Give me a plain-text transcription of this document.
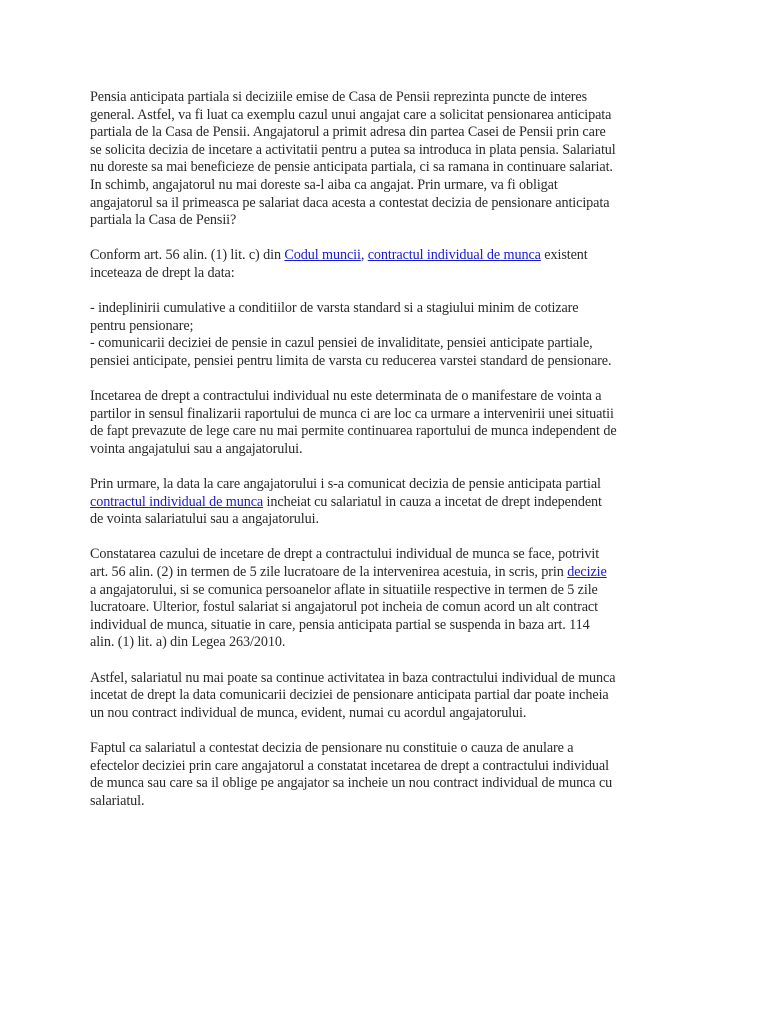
Pensia anticipata partiala si deciziile emise de Casa de Pensii reprezinta puncte de interes
general. Astfel, va fi luat ca exemplu cazul unui angajat care a solicitat pensionarea anticipata
partiala de la Casa de Pensii. Angajatorul a primit adresa din partea Casei de Pensii prin care
se solicita decizia de incetare a activitatii pentru a putea sa introduca in plata pensia. Salariatul
nu doreste sa mai beneficieze de pensie anticipata partiala, ci sa ramana in continuare salariat.
In schimb, angajatorul nu mai doreste sa-l aiba ca angajat. Prin urmare, va fi obligat
angajatorul sa il primeasca pe salariat daca acesta a contestat decizia de pensionare anticipata
partiala la Casa de Pensii?

Conform art. 56 alin. (1) lit. c) din Codul muncii, contractul individual de munca existent
inceteaza de drept la data:

- indeplinirii cumulative a conditiilor de varsta standard si a stagiului minim de cotizare
pentru pensionare;
- comunicarii deciziei de pensie in cazul pensiei de invaliditate, pensiei anticipate partiale,
pensiei anticipate, pensiei pentru limita de varsta cu reducerea varstei standard de pensionare.

Incetarea de drept a contractului individual nu este determinata de o manifestare de vointa a
partilor in sensul finalizarii raportului de munca ci are loc ca urmare a intervenirii unei situatii
de fapt prevazute de lege care nu mai permite continuarea raportului de munca independent de
vointa angajatului sau a angajatorului.

Prin urmare, la data la care angajatorului i s-a comunicat decizia de pensie anticipata partial
contractul individual de munca incheiat cu salariatul in cauza a incetat de drept independent
de vointa salariatului sau a angajatorului.

Constatarea cazului de incetare de drept a contractului individual de munca se face, potrivit
art. 56 alin. (2) in termen de 5 zile lucratoare de la intervenirea acestuia, in scris, prin decizie
a angajatorului, si se comunica persoanelor aflate in situatiile respective in termen de 5 zile
lucratoare. Ulterior, fostul salariat si angajatorul pot incheia de comun acord un alt contract
individual de munca, situatie in care, pensia anticipata partial se suspenda in baza art. 114
alin. (1) lit. a) din Legea 263/2010.

Astfel, salariatul nu mai poate sa continue activitatea in baza contractului individual de munca
incetat de drept la data comunicarii deciziei de pensionare anticipata partial dar poate incheia
un nou contract individual de munca, evident, numai cu acordul angajatorului.

Faptul ca salariatul a contestat decizia de pensionare nu constituie o cauza de anulare a
efectelor deciziei prin care angajatorul a constatat incetarea de drept a contractului individual
de munca sau care sa il oblige pe angajator sa incheie un nou contract individual de munca cu
salariatul.
